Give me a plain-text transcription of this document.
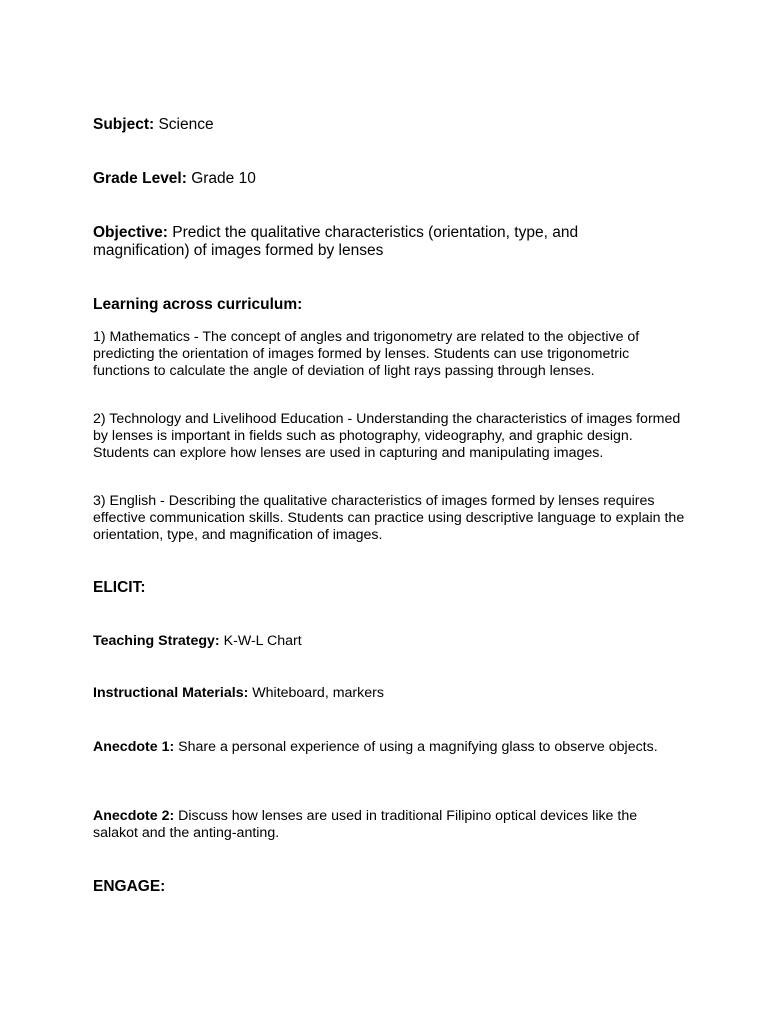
Subject: Science

Grade Level: Grade 10

Objective: Predict the qualitative characteristics (orientation, type, and magnification) of images formed by lenses

Learning across curriculum:

1) Mathematics - The concept of angles and trigonometry are related to the objective of predicting the orientation of images formed by lenses. Students can use trigonometric functions to calculate the angle of deviation of light rays passing through lenses.

2) Technology and Livelihood Education - Understanding the characteristics of images formed by lenses is important in fields such as photography, videography, and graphic design. Students can explore how lenses are used in capturing and manipulating images.

3) English - Describing the qualitative characteristics of images formed by lenses requires effective communication skills. Students can practice using descriptive language to explain the orientation, type, and magnification of images.

ELICIT:

Teaching Strategy: K-W-L Chart

Instructional Materials: Whiteboard, markers

Anecdote 1: Share a personal experience of using a magnifying glass to observe objects.

Anecdote 2: Discuss how lenses are used in traditional Filipino optical devices like the salakot and the anting-anting.

ENGAGE:
